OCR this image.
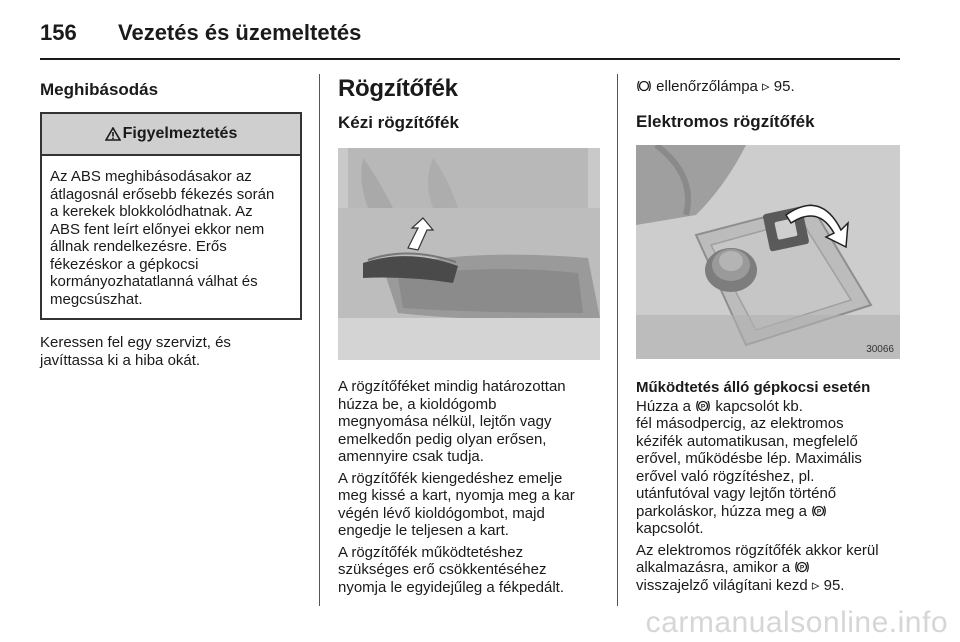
156 Vezetés és üzemeltetés
Meghibásodás
Figyelmeztetés
Az ABS meghibásodásakor az
átlagosnál erősebb fékezés során
a kerekek blokkolódhatnak. Az
ABS fent leírt előnyei ekkor nem
állnak rendelkezésre. Erős
fékezéskor a gépkocsi
kormányozhatatlanná válhat és
megcsúszhat.
Keressen fel egy szervizt, és
javíttassa ki a hiba okát.
Rögzítőfék
Kézi rögzítőfék
A rögzítőféket mindig határozottan
húzza be, a kioldógomb
megnyomása nélkül, lejtőn vagy
emelkedőn pedig olyan erősen,
amennyire csak tudja.
A rögzítőfék kiengedéshez emelje
meg kissé a kart, nyomja meg a kar
végén lévő kioldógombot, majd
engedje le teljesen a kart.
A rögzítőfék működtetéshez
szükséges erő csökkentéséhez
nyomja le egyidejűleg a fékpedált.
ellenőrzőlámpa ▹ 95.
Elektromos rögzítőfék
30066
Működtetés álló gépkocsi esetén
Húzza a P kapcsolót kb.
fél másodpercig, az elektromos
kézifék automatikusan, megfelelő
erővel, működésbe lép. Maximális
erővel való rögzítéshez, pl.
utánfutóval vagy lejtőn történő
parkoláskor, húzza meg a P
kapcsolót.
Az elektromos rögzítőfék akkor kerül
alkalmazásra, amikor a P
visszajelző világítani kezd ▹ 95.
carmanualsonline.info
